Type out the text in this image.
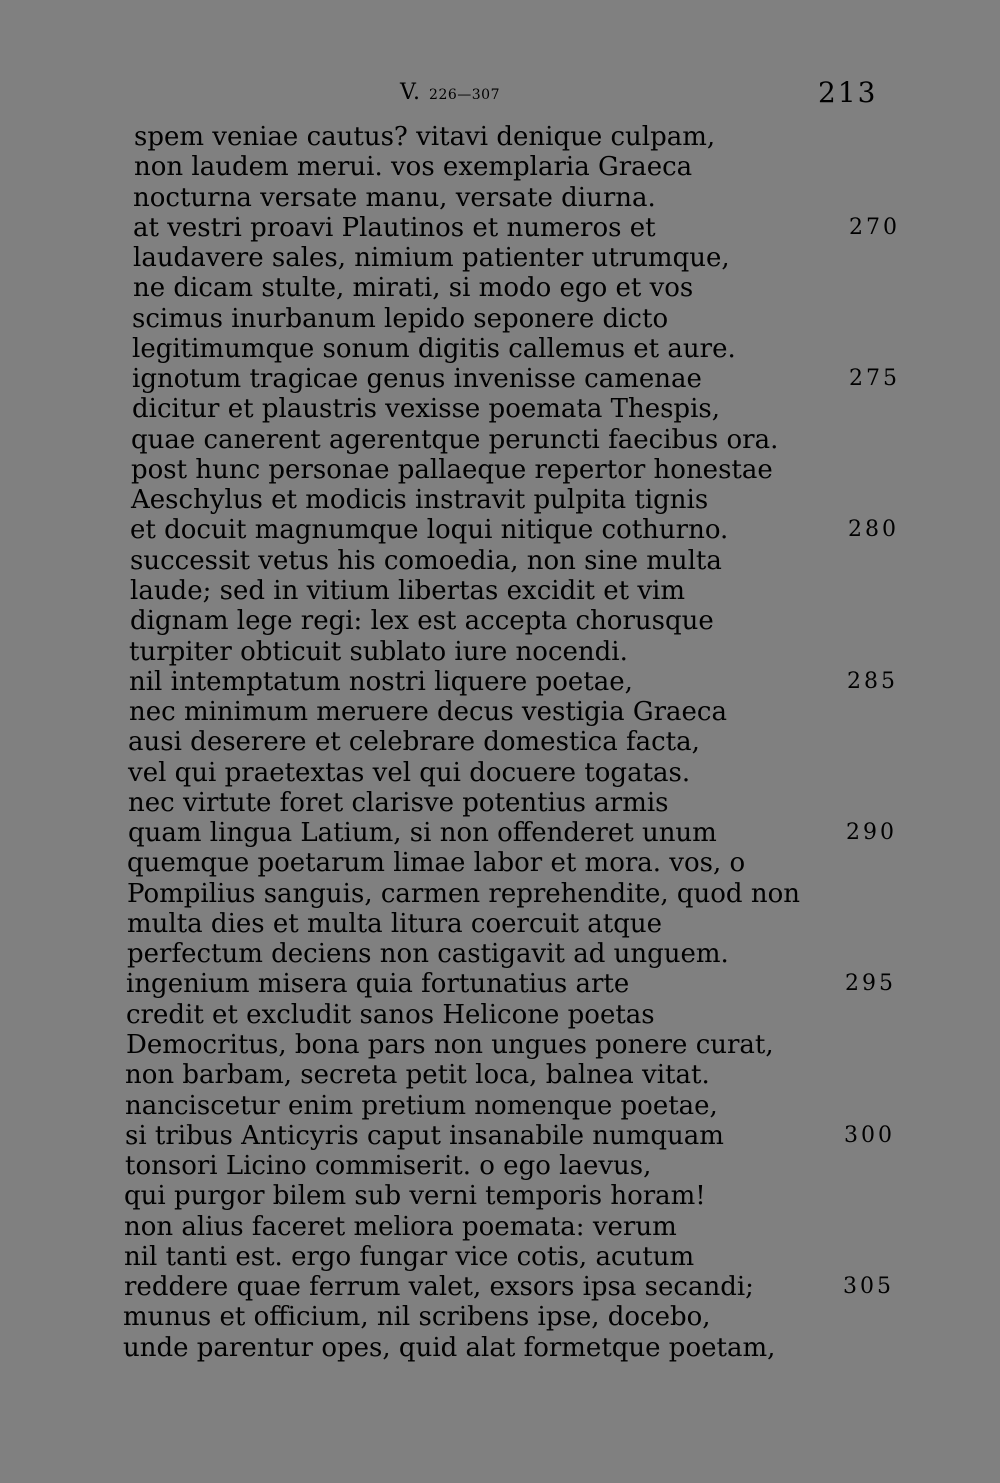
V. 226—307	213
spem veniae cautus? vitavi denique culpam,
non laudem merui. vos exemplaria Graeca
nocturna versate manu, versate diurna.
at vestri proavi Plautinos et numeros et	270
laudavere sales, nimium patienter utrumque,
ne dicam stulte, mirati, si modo ego et vos
scimus inurbanum lepido seponere dicto
legitimumque sonum digitis callemus et aure.
ignotum tragicae genus invenisse camenae	275
dicitur et plaustris vexisse poemata Thespis,
quae canerent agerentque peruncti faecibus ora.
post hunc personae pallaeque repertor honestae
Aeschylus et modicis instravit pulpita tignis
et docuit magnumque loqui nitique cothurno.	280
successit vetus his comoedia, non sine multa
laude; sed in vitium libertas excidit et vim
dignam lege regi: lex est accepta chorusque
turpiter obticuit sublato iure nocendi.
nil intemptatum nostri liquere poetae,	285
nec minimum meruere decus vestigia Graeca
ausi deserere et celebrare domestica facta,
vel qui praetextas vel qui docuere togatas.
nec virtute foret clarisve potentius armis
quam lingua Latium, si non offenderet unum	290
quemque poetarum limae labor et mora. vos, o
Pompilius sanguis, carmen reprehendite, quod non
multa dies et multa litura coercuit atque
perfectum deciens non castigavit ad unguem.
ingenium misera quia fortunatius arte	295
credit et excludit sanos Helicone poetas
Democritus, bona pars non ungues ponere curat,
non barbam, secreta petit loca, balnea vitat.
nanciscetur enim pretium nomenque poetae,
si tribus Anticyris caput insanabile numquam	300
tonsori Licino commiserit. o ego laevus,
qui purgor bilem sub verni temporis horam!
non alius faceret meliora poemata: verum
nil tanti est. ergo fungar vice cotis, acutum
reddere quae ferrum valet, exsors ipsa secandi;	305
munus et officium, nil scribens ipse, docebo,
unde parentur opes, quid alat formetque poetam,
